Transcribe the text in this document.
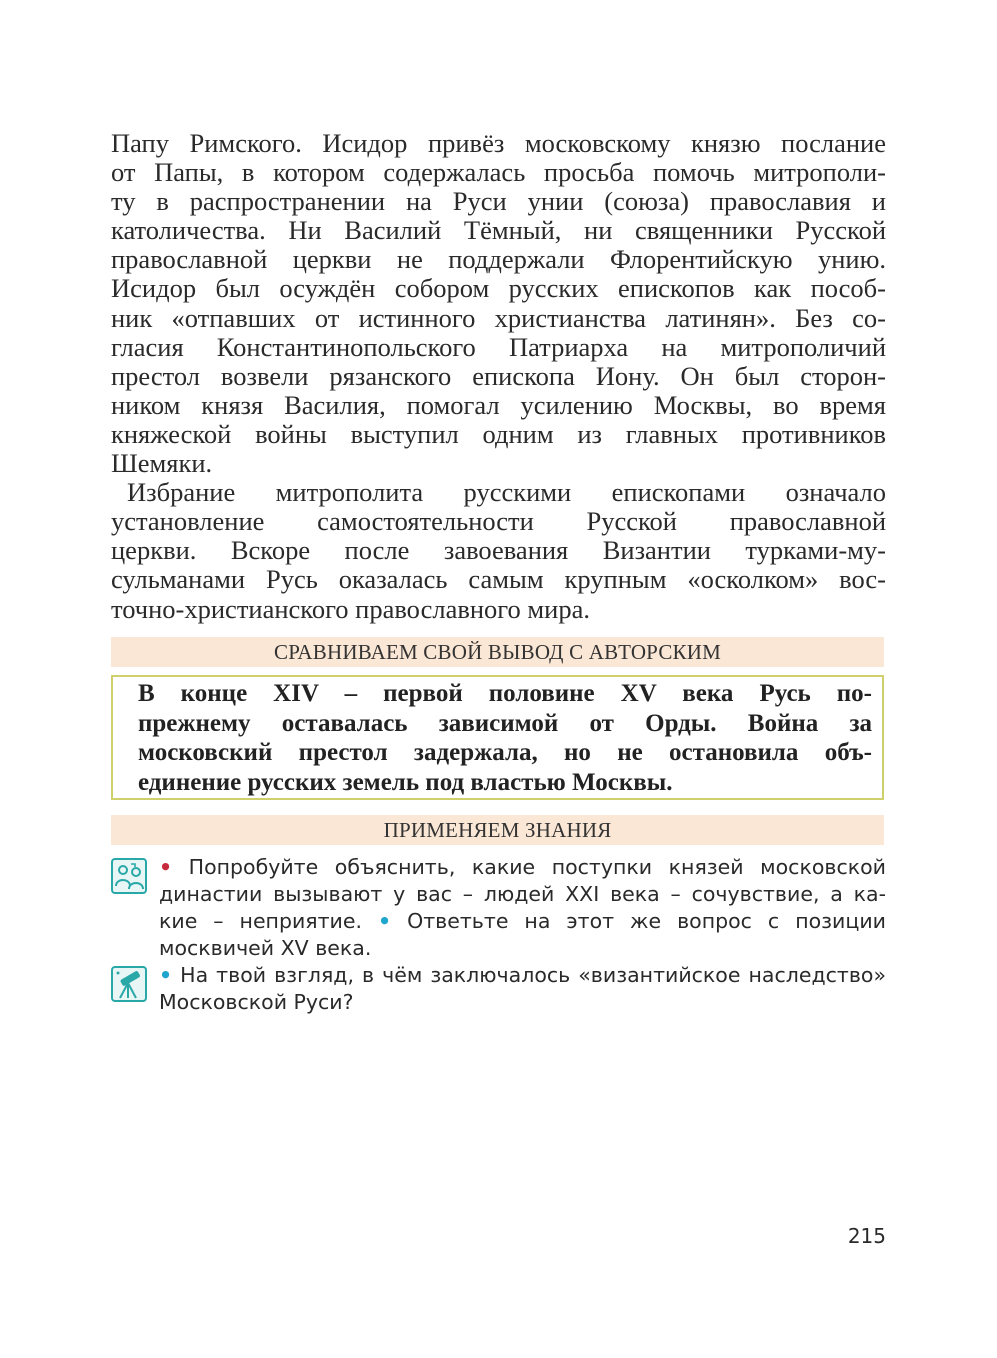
Папу Римского. Исидор привёз московскому князю послание

от Папы, в котором содержалась просьба помочь митрополи-

ту в распространении на Руси унии (союза) православия и

католичества. Ни Василий Тёмный, ни священники Русской

православной церкви не поддержали Флорентийскую унию.

Исидор был осуждён собором русских епископов как пособ-

ник «отпавших от истинного христианства латинян». Без со-

гласия Константинопольского Патриарха на митрополичий

престол возвели рязанского епископа Иону. Он был сторон-

ником князя Василия, помогал усилению Москвы, во время

княжеской войны выступил одним из главных противников

Шемяки.

Избрание митрополита русскими епископами означало

установление самостоятельности Русской православной

церкви. Вскоре после завоевания Византии турками-му-

сульманами Русь оказалась самым крупным «осколком» вос-

точно-христианского православного мира.

СРАВНИВАЕМ СВОЙ ВЫВОД С АВТОРСКИМ

В конце XIV – первой половине XV века Русь по-

прежнему оставалась зависимой от Орды. Война за

московский престол задержала, но не остановила объ-

единение русских земель под властью Москвы.

ПРИМЕНЯЕМ ЗНАНИЯ

• Попробуйте объяснить, какие поступки князей московской

династии вызывают у вас – людей XXI века – сочувствие, а ка-

кие – неприятие. • Ответьте на этот же вопрос с позиции

москвичей XV века.

• На твой взгляд, в чём заключалось «византийское наследство»

Московской Руси?

215
